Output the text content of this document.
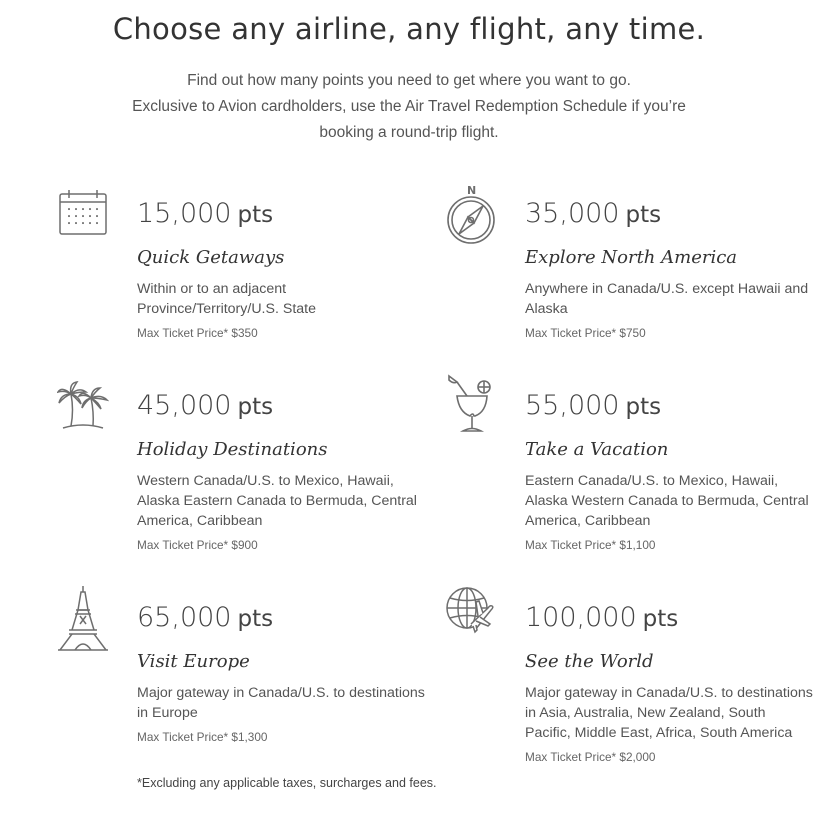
Choose any airline, any flight, any time.
Find out how many points you need to get where you want to go.
Exclusive to Avion cardholders, use the Air Travel Redemption Schedule if you’re
booking a round-trip flight.
15,000 pts
Quick Getaways
Within or to an adjacent Province/Territory/U.S. State
Max Ticket Price* $350
N
35,000 pts
Explore North America
Anywhere in Canada/U.S. except Hawaii and Alaska
Max Ticket Price* $750
45,000 pts
Holiday Destinations
Western Canada/U.S. to Mexico, Hawaii, Alaska Eastern Canada to Bermuda, Central America, Caribbean
Max Ticket Price* $900
55,000 pts
Take a Vacation
Eastern Canada/U.S. to Mexico, Hawaii, Alaska Western Canada to Bermuda, Central America, Caribbean
Max Ticket Price* $1,100
65,000 pts
Visit Europe
Major gateway in Canada/U.S. to destinations in Europe
Max Ticket Price* $1,300
100,000 pts
See the World
Major gateway in Canada/U.S. to destinations in Asia, Australia, New Zealand, South Pacific, Middle East, Africa, South America
Max Ticket Price* $2,000
*Excluding any applicable taxes, surcharges and fees.
